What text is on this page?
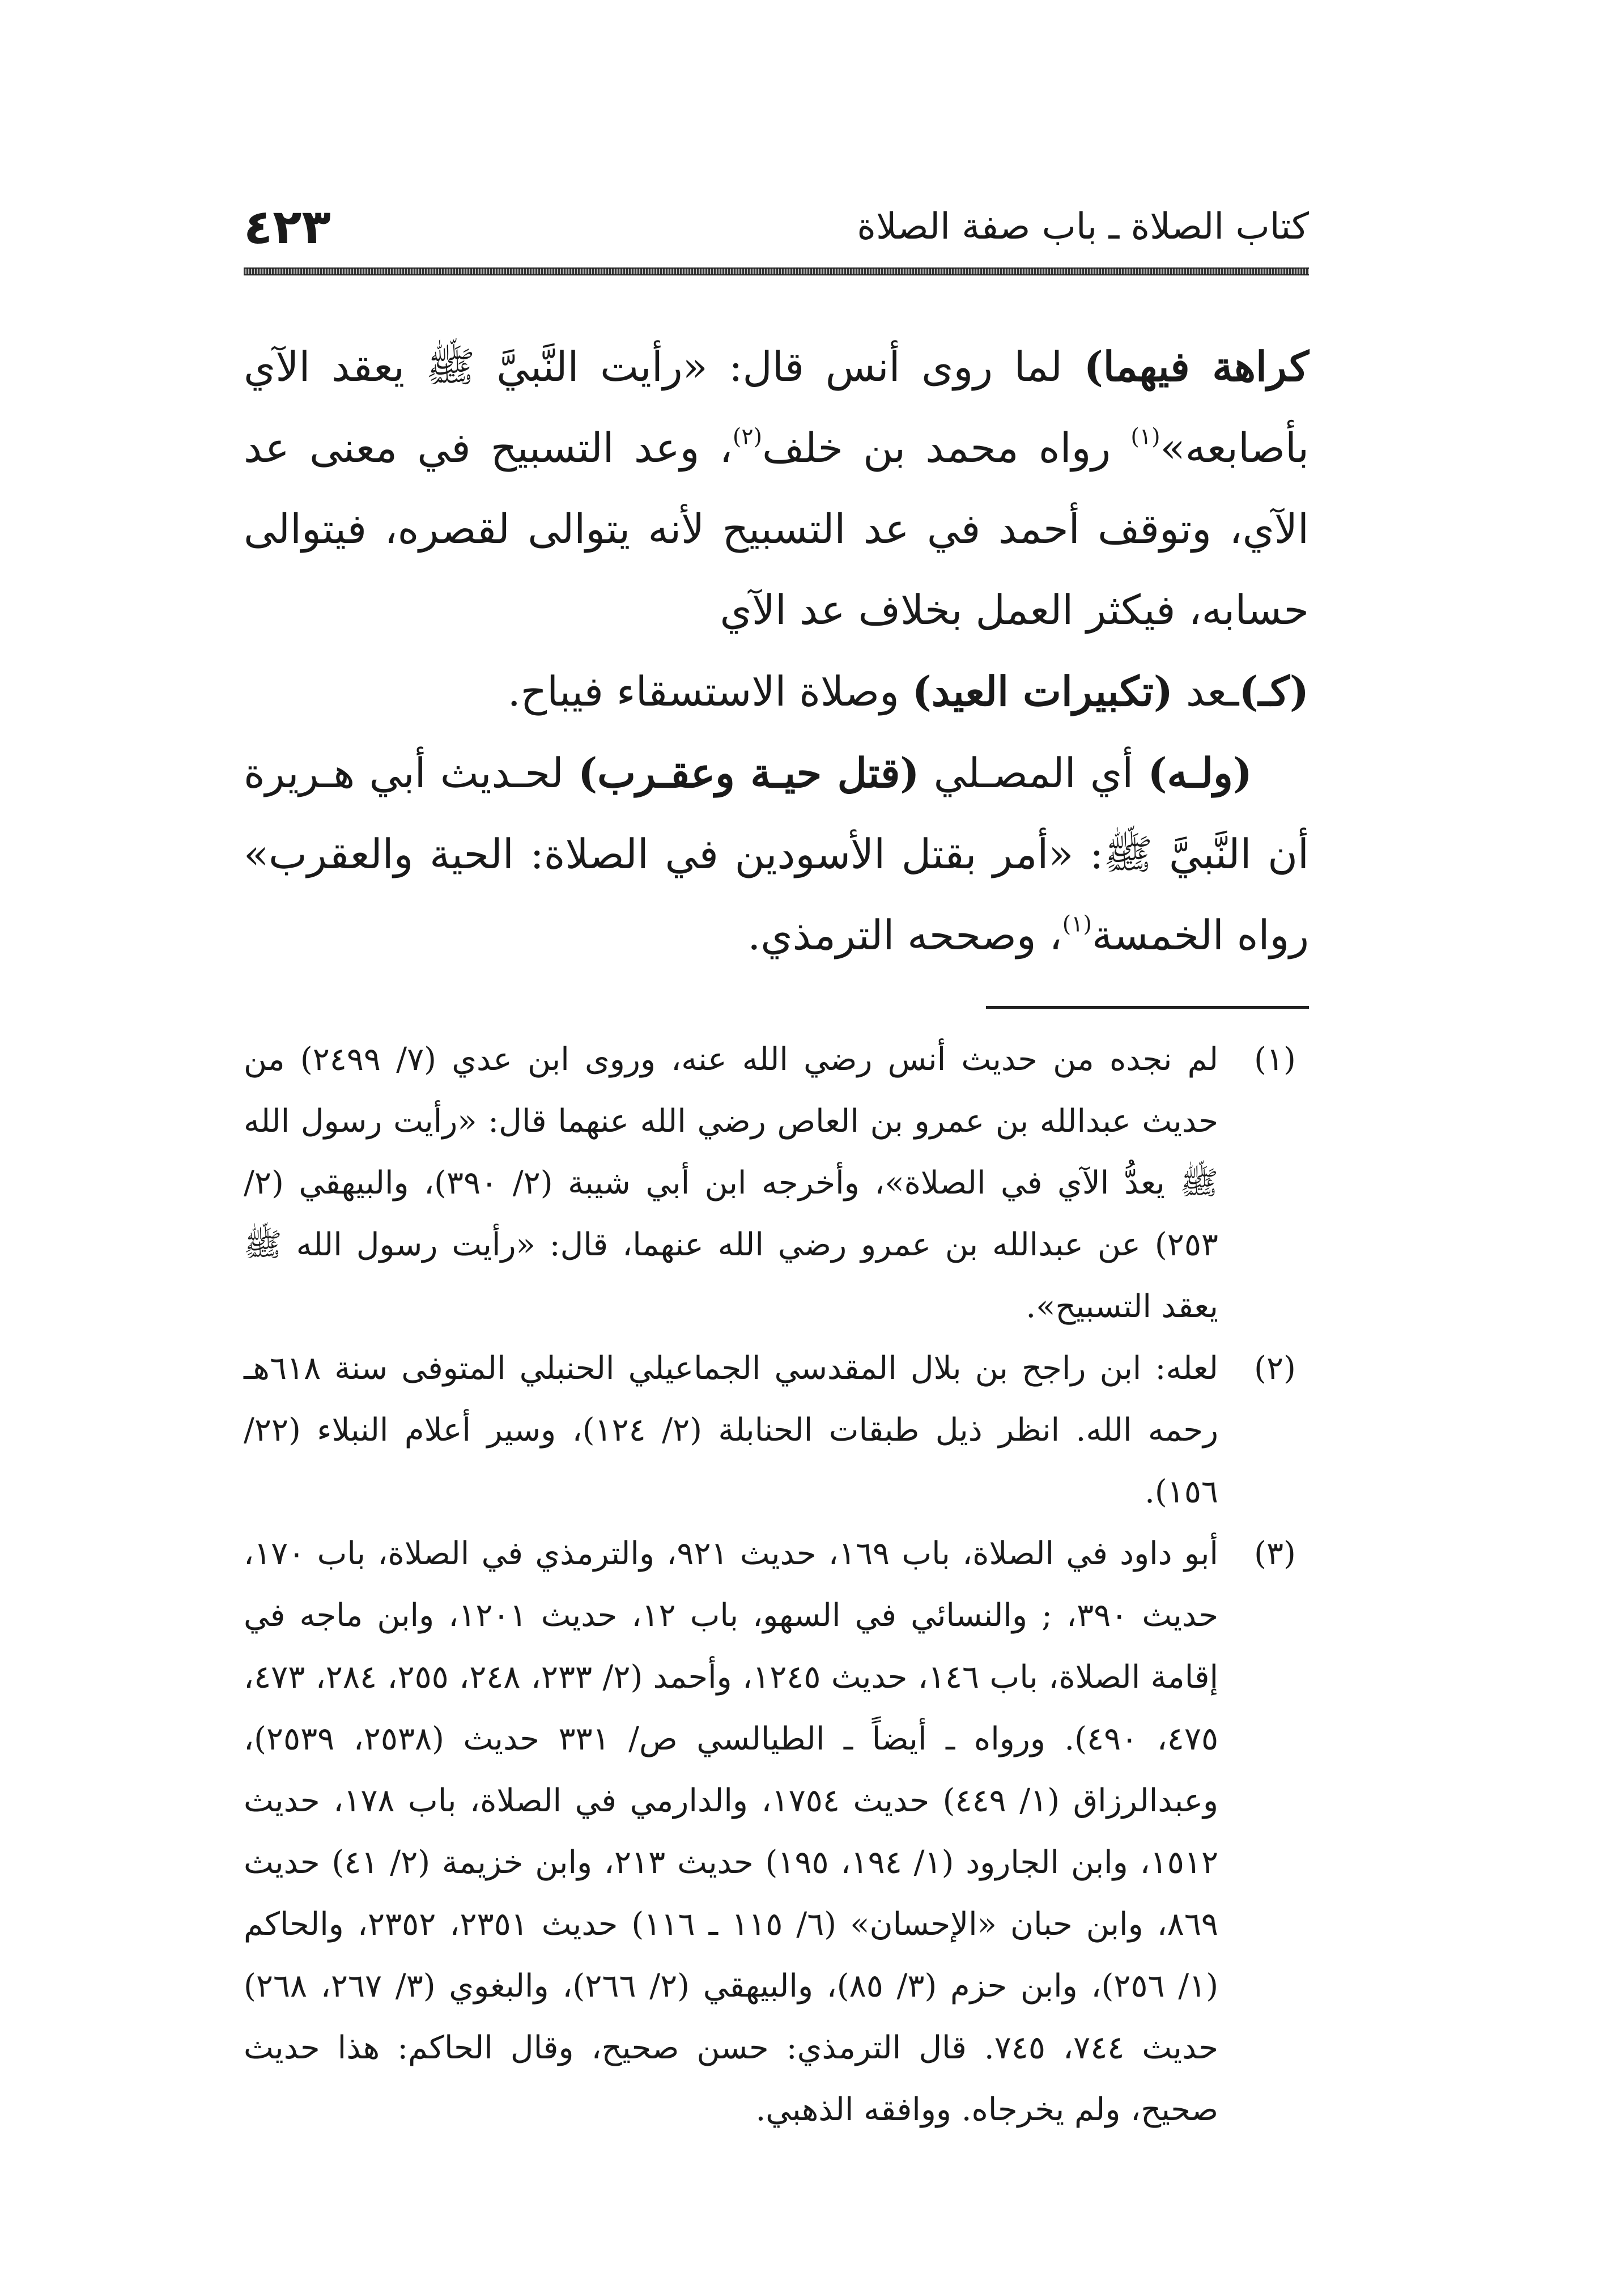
٤٢٣	كتاب الصلاة ـ باب صفة الصلاة

كراهة فيهما) لما روى أنس قال: «رأيت النَّبيَّ ﷺ يعقد الآي بأصابعه»$^{(١)}$ رواه محمد بن خلف$^{(٢)}$، وعد التسبيح في معنى عد الآي، وتوقف أحمد في عد التسبيح لأنه يتوالى لقصره، فيتوالى حسابه، فيكثر العمل بخلاف عد الآي
(كـ)ـعد (تكبيرات العيد) وصلاة الاستسقاء فيباح.

(ولـه) أي المصـلي (قتل حيـة وعقـرب) لحـديث أبي هـريرة أن النَّبيَّ ﷺ: «أمر بقتل الأسودين في الصلاة: الحية والعقرب» رواه الخمسة$^{(١)}$، وصححه الترمذي.

(١)
لم نجده من حديث أنس رضي الله عنه، وروى ابن عدي (٧/ ٢٤٩٩) من حديث عبدالله بن عمرو بن العاص رضي الله عنهما قال: «رأيت رسول الله ﷺ يعدُّ الآي في الصلاة»، وأخرجه ابن أبي شيبة (٢/ ٣٩٠)، والبيهقي (٢/ ٢٥٣) عن عبدالله بن عمرو رضي الله عنهما، قال: «رأيت رسول الله ﷺ يعقد التسبيح».
(٢)
لعله: ابن راجح بن بلال المقدسي الجماعيلي الحنبلي المتوفى سنة ٦١٨هـ رحمه الله. انظر ذيل طبقات الحنابلة (٢/ ١٢٤)، وسير أعلام النبلاء (٢٢/ ١٥٦).
(٣)
أبو داود في الصلاة، باب ١٦٩، حديث ٩٢١، والترمذي في الصلاة، باب ١٧٠، حديث ٣٩٠، ; والنسائي في السهو، باب ١٢، حديث ١٢٠١، وابن ماجه في إقامة الصلاة، باب ١٤٦، حديث ١٢٤٥، وأحمد (٢/ ٢٣٣، ٢٤٨، ٢٥٥، ٢٨٤، ٤٧٣، ٤٧٥، ٤٩٠). ورواه ـ أيضاً ـ الطيالسي ص/ ٣٣١ حديث (٢٥٣٨، ٢٥٣٩)، وعبدالرزاق (١/ ٤٤٩) حديث ١٧٥٤، والدارمي في الصلاة، باب ١٧٨، حديث ١٥١٢، وابن الجارود (١/ ١٩٤، ١٩٥) حديث ٢١٣، وابن خزيمة (٢/ ٤١) حديث ٨٦٩، وابن حبان «الإحسان» (٦/ ١١٥ ـ ١١٦) حديث ٢٣٥١، ٢٣٥٢، والحاكم (١/ ٢٥٦)، وابن حزم (٣/ ٨٥)، والبيهقي (٢/ ٢٦٦)، والبغوي (٣/ ٢٦٧، ٢٦٨) حديث ٧٤٤، ٧٤٥. قال الترمذي: حسن صحيح، وقال الحاكم: هذا حديث صحيح، ولم يخرجاه. ووافقه الذهبي.
